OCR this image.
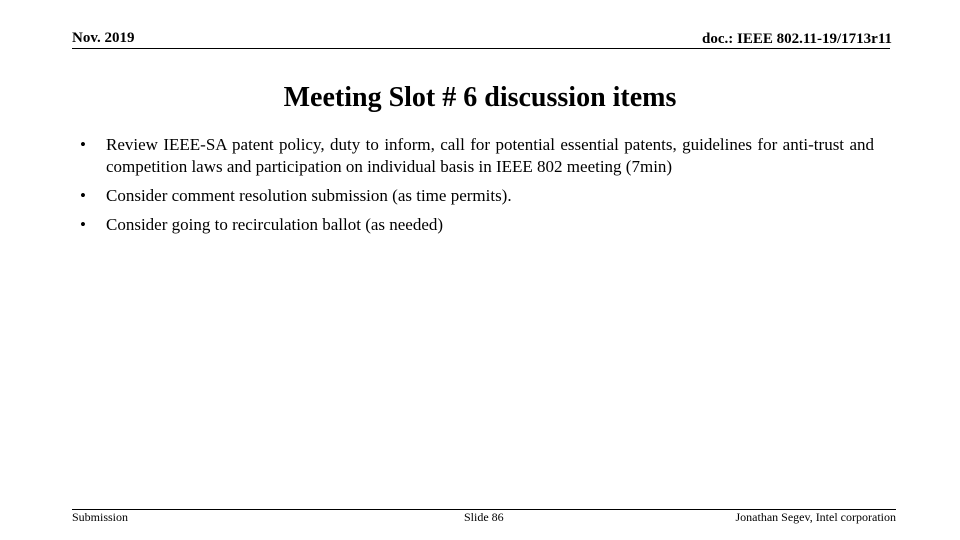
Nov. 2019	doc.: IEEE 802.11-19/1713r11
Meeting Slot # 6 discussion items
• Review IEEE-SA patent policy, duty to inform, call for potential essential patents, guidelines for anti-trust and competition laws and participation on individual basis in IEEE 802 meeting (7min)
• Consider comment resolution submission (as time permits).
• Consider going to recirculation ballot (as needed)
Submission	Slide 86	Jonathan Segev, Intel corporation
